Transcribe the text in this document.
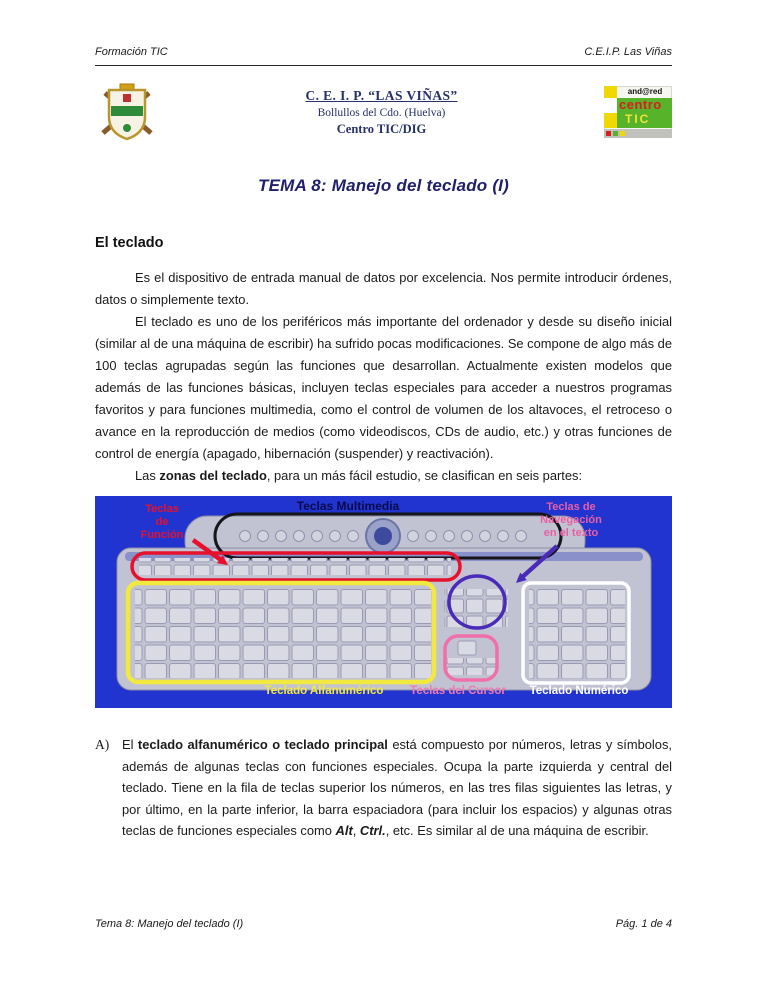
Formación TIC	C.E.I.P. Las Viñas
C. E. I. P. “LAS VIÑAS”
Bollullos del Cdo. (Huelva)
Centro TIC/DIG
and@red
centro
TIC
TEMA 8: Manejo del teclado (I)
El teclado

Es el dispositivo de entrada manual de datos por excelencia. Nos permite introducir órdenes, datos o simplemente texto.

El teclado es uno de los periféricos más importante del ordenador y desde su diseño inicial (similar al de una máquina de escribir) ha sufrido pocas modificaciones. Se compone de algo más de 100 teclas agrupadas según las funciones que desarrollan. Actualmente existen modelos que además de las funciones básicas, incluyen teclas especiales para acceder a nuestros programas favoritos y para funciones multimedia, como el control de volumen de los altavoces, el retroceso o avance en la reproducción de medios (como videodiscos, CDs de audio, etc.) y otras funciones de control de energía (apagado, hibernación (suspender) y reactivación).

Las zonas del teclado, para un más fácil estudio, se clasifican en seis partes:

Teclas Multimedia
Teclas de Función
Teclas de Navegación en el texto
Teclado Alfanumérico	Teclas del Cursor	Teclado Numérico
A) El teclado alfanumérico o teclado principal está compuesto por números, letras y símbolos, además de algunas teclas con funciones especiales. Ocupa la parte izquierda y central del teclado. Tiene en la fila de teclas superior los números, en las tres filas siguientes las letras, y por último, en la parte inferior, la barra espaciadora (para incluir los espacios) y algunas otras teclas de funciones especiales como Alt, Ctrl., etc. Es similar al de una máquina de escribir.
Tema 8: Manejo del teclado (I)	Pág. 1 de 4
